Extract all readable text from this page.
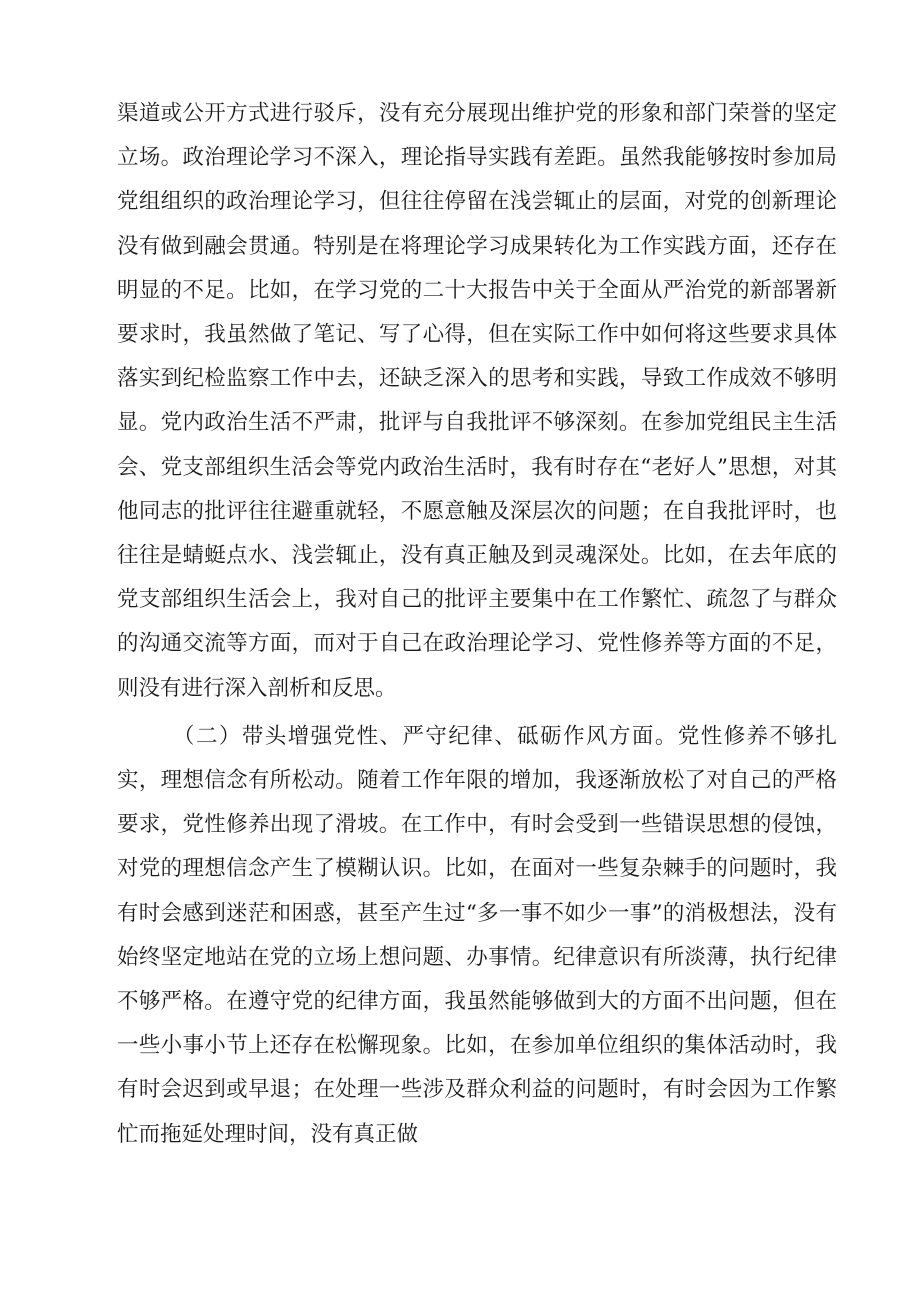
渠道或公开方式进行驳斥，没有充分展现出维护党的形象和部门荣誉的坚定立场。政治理论学习不深入，理论指导实践有差距。虽然我能够按时参加局党组组织的政治理论学习，但往往停留在浅尝辄止的层面，对党的创新理论没有做到融会贯通。特别是在将理论学习成果转化为工作实践方面，还存在明显的不足。比如，在学习党的二十大报告中关于全面从严治党的新部署新要求时，我虽然做了笔记、写了心得，但在实际工作中如何将这些要求具体落实到纪检监察工作中去，还缺乏深入的思考和实践，导致工作成效不够明显。党内政治生活不严肃，批评与自我批评不够深刻。在参加党组民主生活会、党支部组织生活会等党内政治生活时，我有时存在“老好人”思想，对其他同志的批评往往避重就轻，不愿意触及深层次的问题；在自我批评时，也往往是蜻蜓点水、浅尝辄止，没有真正触及到灵魂深处。比如，在去年底的党支部组织生活会上，我对自己的批评主要集中在工作繁忙、疏忽了与群众的沟通交流等方面，而对于自己在政治理论学习、党性修养等方面的不足，则没有进行深入剖析和反思。

（二）带头增强党性、严守纪律、砥砺作风方面。党性修养不够扎实，理想信念有所松动。随着工作年限的增加，我逐渐放松了对自己的严格要求，党性修养出现了滑坡。在工作中，有时会受到一些错误思想的侵蚀，对党的理想信念产生了模糊认识。比如，在面对一些复杂棘手的问题时，我有时会感到迷茫和困惑，甚至产生过“多一事不如少一事”的消极想法，没有始终坚定地站在党的立场上想问题、办事情。纪律意识有所淡薄，执行纪律不够严格。在遵守党的纪律方面，我虽然能够做到大的方面不出问题，但在一些小事小节上还存在松懈现象。比如，在参加单位组织的集体活动时，我有时会迟到或早退；在处理一些涉及群众利益的问题时，有时会因为工作繁忙而拖延处理时间，没有真正做
